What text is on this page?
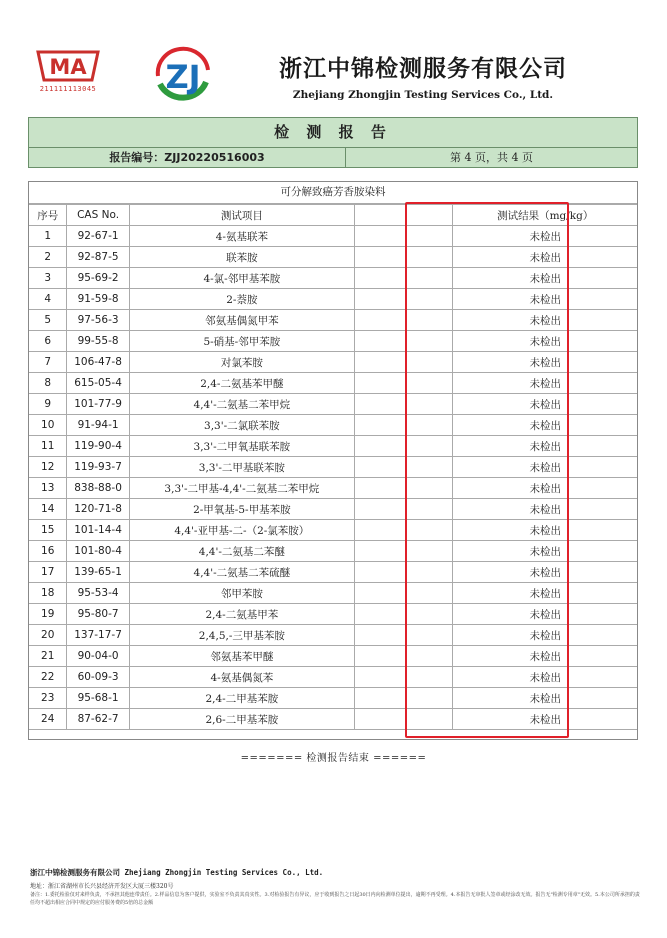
MA
211111113045 ZJ	浙江中锦检测服务有限公司
Zhejiang Zhongjin Testing Services Co., Ltd.
检 测 报 告
报告编号：ZJJ20220516003	第 4 页，共 4 页
可分解致癌芳香胺染料
序号	CAS No.	测试项目		测试结果（mg/kg）
1	92-67-1	4-氨基联苯		未检出
2	92-87-5	联苯胺		未检出
3	95-69-2	4-氯-邻甲基苯胺		未检出
4	91-59-8	2-萘胺		未检出
5	97-56-3	邻氨基偶氮甲苯		未检出
6	99-55-8	5-硝基-邻甲苯胺		未检出
7	106-47-8	对氯苯胺		未检出
8	615-05-4	2,4-二氨基苯甲醚		未检出
9	101-77-9	4,4'-二氨基二苯甲烷		未检出
10	91-94-1	3,3'-二氯联苯胺		未检出
11	119-90-4	3,3'-二甲氧基联苯胺		未检出
12	119-93-7	3,3'-二甲基联苯胺		未检出
13	838-88-0	3,3'-二甲基-4,4'-二氨基二苯甲烷		未检出
14	120-71-8	2-甲氧基-5-甲基苯胺		未检出
15	101-14-4	4,4'-亚甲基-二-（2-氯苯胺）		未检出
16	101-80-4	4,4'-二氨基二苯醚		未检出
17	139-65-1	4,4'-二氨基二苯硫醚		未检出
18	95-53-4	邻甲苯胺		未检出
19	95-80-7	2,4-二氨基甲苯		未检出
20	137-17-7	2,4,5,-三甲基苯胺		未检出
21	90-04-0	邻氨基苯甲醚		未检出
22	60-09-3	4-氨基偶氮苯		未检出
23	95-68-1	2,4-二甲基苯胺		未检出
24	87-62-7	2,6-二甲基苯胺		未检出
======= 检测报告结束 ======
浙江中锦检测服务有限公司 Zhejiang Zhongjin Testing Services Co., Ltd.
地址：浙江省湖州市长兴县经济开发区大厦三楼320号
备注：1.委托检验仅对来样负责，不承担其他连带责任。2.样品信息为客户提供，实验室不负责其真实性。3.对检验报告有异议，应于收到报告之日起30日内向检测单位提出，逾期不再受理。4.本报告无审批人签章或经涂改无效。报告无"检测专用章"无效。5.本公司所承担的责任均不超出相应合同中规定的应付服务费的5倍的总金额
